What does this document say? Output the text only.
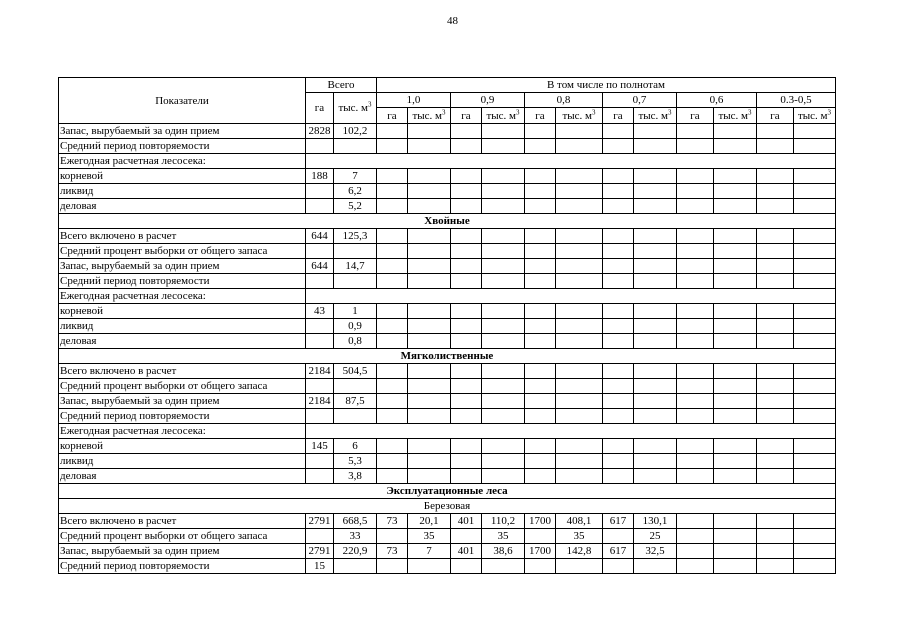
48
Показатели	Всего		В том числе по полнотам											
	га	тыс. $м^3$	1,0		0,9		0,8		0,7		0,6		0.3-0,5	
			га	тыс. $м^3$	га	тыс. $м^3$	га	тыс. $м^3$	га	тыс. $м^3$	га	тыс. $м^3$	га	тыс. $м^3$
Запас, вырубаемый за один прием	2828	102,2												
Средний период повторяемости														
Ежегодная расчетная лесосека:														
корневой	188	7												
ликвид		6,2												
деловая		5,2												
Хвойные														
Всего включено в расчет	644	125,3												
Средний процент выборки от общего запаса														
Запас, вырубаемый за один прием	644	14,7												
Средний период повторяемости														
Ежегодная расчетная лесосека:														
корневой	43	1												
ликвид		0,9												
деловая		0,8												
Мягколиственные														
Всего включено в расчет	2184	504,5												
Средний процент выборки от общего запаса														
Запас, вырубаемый за один прием	2184	87,5												
Средний период повторяемости														
Ежегодная расчетная лесосека:														
корневой	145	6												
ликвид		5,3												
деловая		3,8												
Эксплуатационные леса														
Березовая														
Всего включено в расчет	2791	668,5	73	20,1	401	110,2	1700	408,1	617	130,1				
Средний процент выборки от общего запаса		33		35		35		35		25				
Запас, вырубаемый за один прием	2791	220,9	73	7	401	38,6	1700	142,8	617	32,5				
Средний период повторяемости	15													
